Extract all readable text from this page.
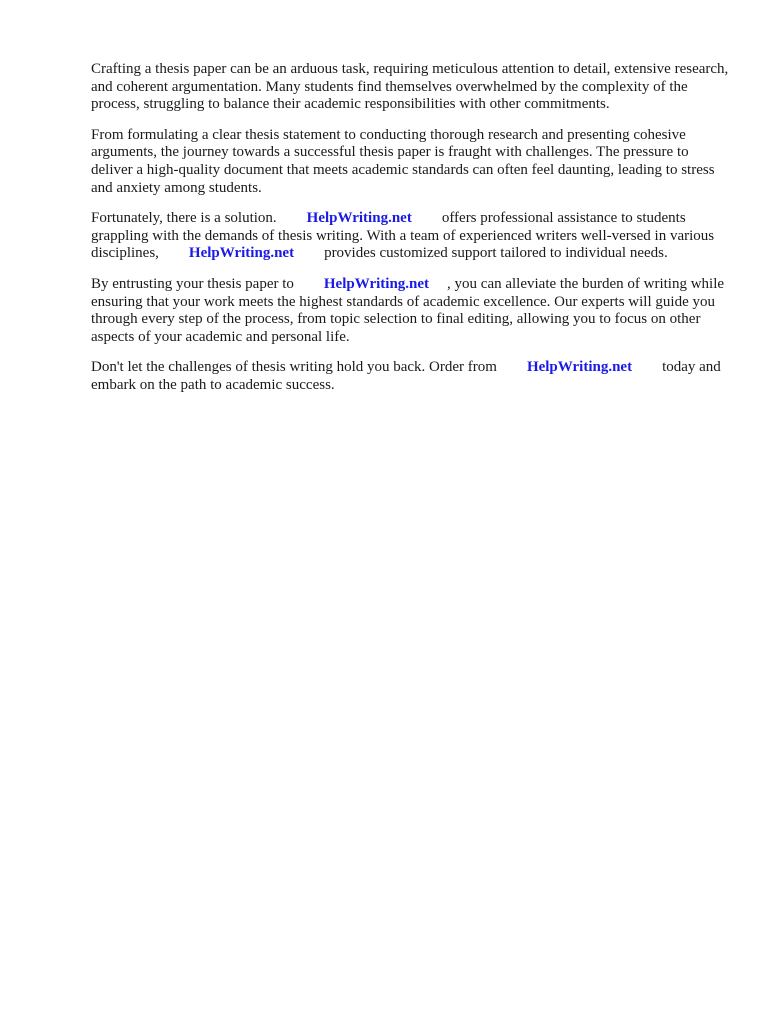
Crafting a thesis paper can be an arduous task, requiring meticulous attention to detail, extensive research, and coherent argumentation. Many students find themselves overwhelmed by the complexity of the process, struggling to balance their academic responsibilities with other commitments.

From formulating a clear thesis statement to conducting thorough research and presenting cohesive arguments, the journey towards a successful thesis paper is fraught with challenges. The pressure to deliver a high-quality document that meets academic standards can often feel daunting, leading to stress and anxiety among students.

Fortunately, there is a solution. HelpWriting.net offers professional assistance to students grappling with the demands of thesis writing. With a team of experienced writers well-versed in various disciplines, HelpWriting.net provides customized support tailored to individual needs.

By entrusting your thesis paper to HelpWriting.net , you can alleviate the burden of writing while ensuring that your work meets the highest standards of academic excellence. Our experts will guide you through every step of the process, from topic selection to final editing, allowing you to focus on other aspects of your academic and personal life.

Don't let the challenges of thesis writing hold you back. Order from HelpWriting.net today and embark on the path to academic success.
